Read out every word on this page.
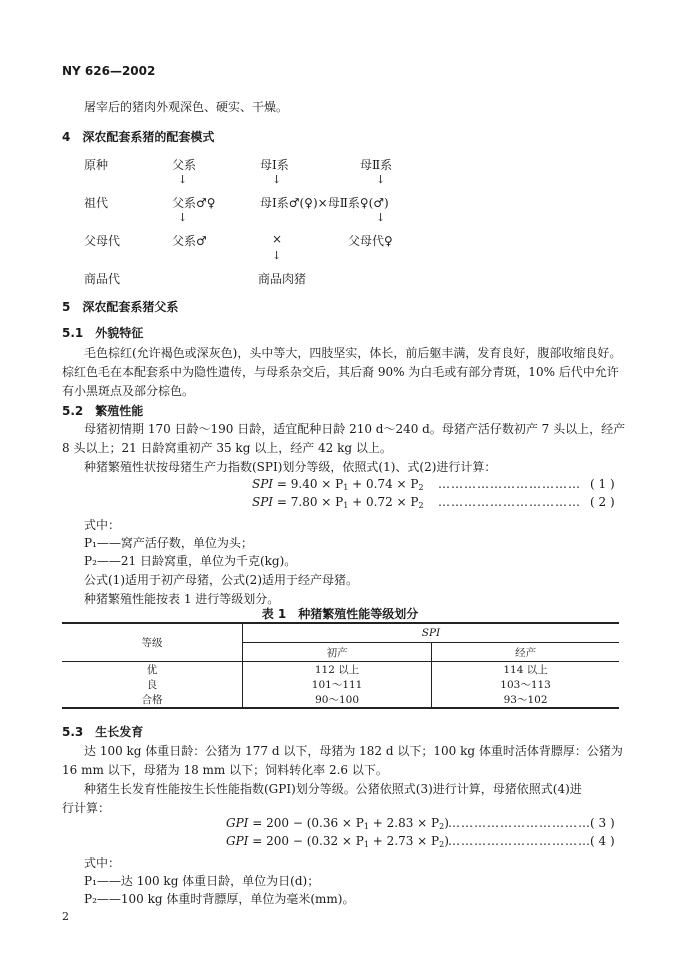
NY 626—2002
屠宰后的猪肉外观深色、硬实、干燥。
4　深农配套系猪的配套模式
原种	父系	母Ⅰ系	母Ⅱ系
↓	↓	↓
祖代	父系♂♀	母Ⅰ系♂(♀)×母Ⅱ系♀(♂)
↓	↓
父母代	父系♂	×	父母代♀
↓
商品代	商品肉猪
5　深农配套系猪父系
5.1　外貌特征
毛色棕红(允许褐色或深灰色)，头中等大，四肢坚实，体长，前后躯丰满，发育良好，腹部收缩良好。
棕红色毛在本配套系中为隐性遗传，与母系杂交后，其后裔 90% 为白毛或有部分青斑，10% 后代中允许
有小黑斑点及部分棕色。
5.2　繁殖性能
母猪初情期 170 日龄～190 日龄，适宜配种日龄 210 d～240 d。母猪产活仔数初产 7 头以上，经产
8 头以上；21 日龄窝重初产 35 kg 以上，经产 42 kg 以上。
种猪繁殖性状按母猪生产力指数(SPI)划分等级，依照式(1)、式(2)进行计算：
SPI = $9.40 \times P_1 + 0.74 \times P_2$ …………………………… ( 1 )
SPI = $7.80 \times P_1 + 0.72 \times P_2$ …………………………… ( 2 )
式中：
P₁——窝产活仔数，单位为头；
P₂——21 日龄窝重，单位为千克(kg)。
公式(1)适用于初产母猪，公式(2)适用于经产母猪。
种猪繁殖性能按表 1 进行等级划分。
表 1　种猪繁殖性能等级划分
等级	SPI	
	初产	经产
优	112 以上	114 以上
良	101～111	103～113
合格	90～100	93～102
5.3　生长发育
达 100 kg 体重日龄：公猪为 177 d 以下，母猪为 182 d 以下；100 kg 体重时活体背膘厚：公猪为
16 mm 以下，母猪为 18 mm 以下；饲料转化率 2.6 以下。
种猪生长发育性能按生长性能指数(GPI)划分等级。公猪依照式(3)进行计算，母猪依照式(4)进
行计算：
GPI = $200 - (0.36 \times P_1 + 2.83 \times P_2)$ …………………………… ( 3 )
GPI = $200 - (0.32 \times P_1 + 2.73 \times P_2)$ …………………………… ( 4 )
式中：
P₁——达 100 kg 体重日龄，单位为日(d)；
P₂——100 kg 体重时背膘厚，单位为毫米(mm)。
2
